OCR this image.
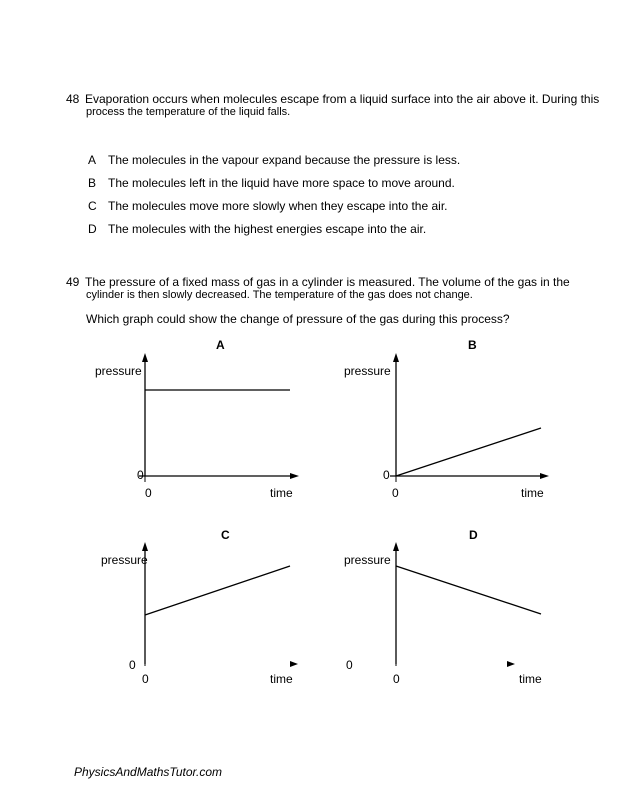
48 Evaporation occurs when molecules escape from a liquid surface into the air above it. During this
process the temperature of the liquid falls.
A The molecules in the vapour expand because the pressure is less.
B The molecules left in the liquid have more space to move around.
C The molecules move more slowly when they escape into the air.
D The molecules with the highest energies escape into the air.
49 The pressure of a fixed mass of gas in a cylinder is measured. The volume of the gas in the
cylinder is then slowly decreased. The temperature of the gas does not change.
Which graph could show the change of pressure of the gas during this process?
A
pressure
0
0	time
B
pressure
0
0	time
C
pressure
0
0	time
D
pressure
0
0	time
PhysicsAndMathsTutor.com
